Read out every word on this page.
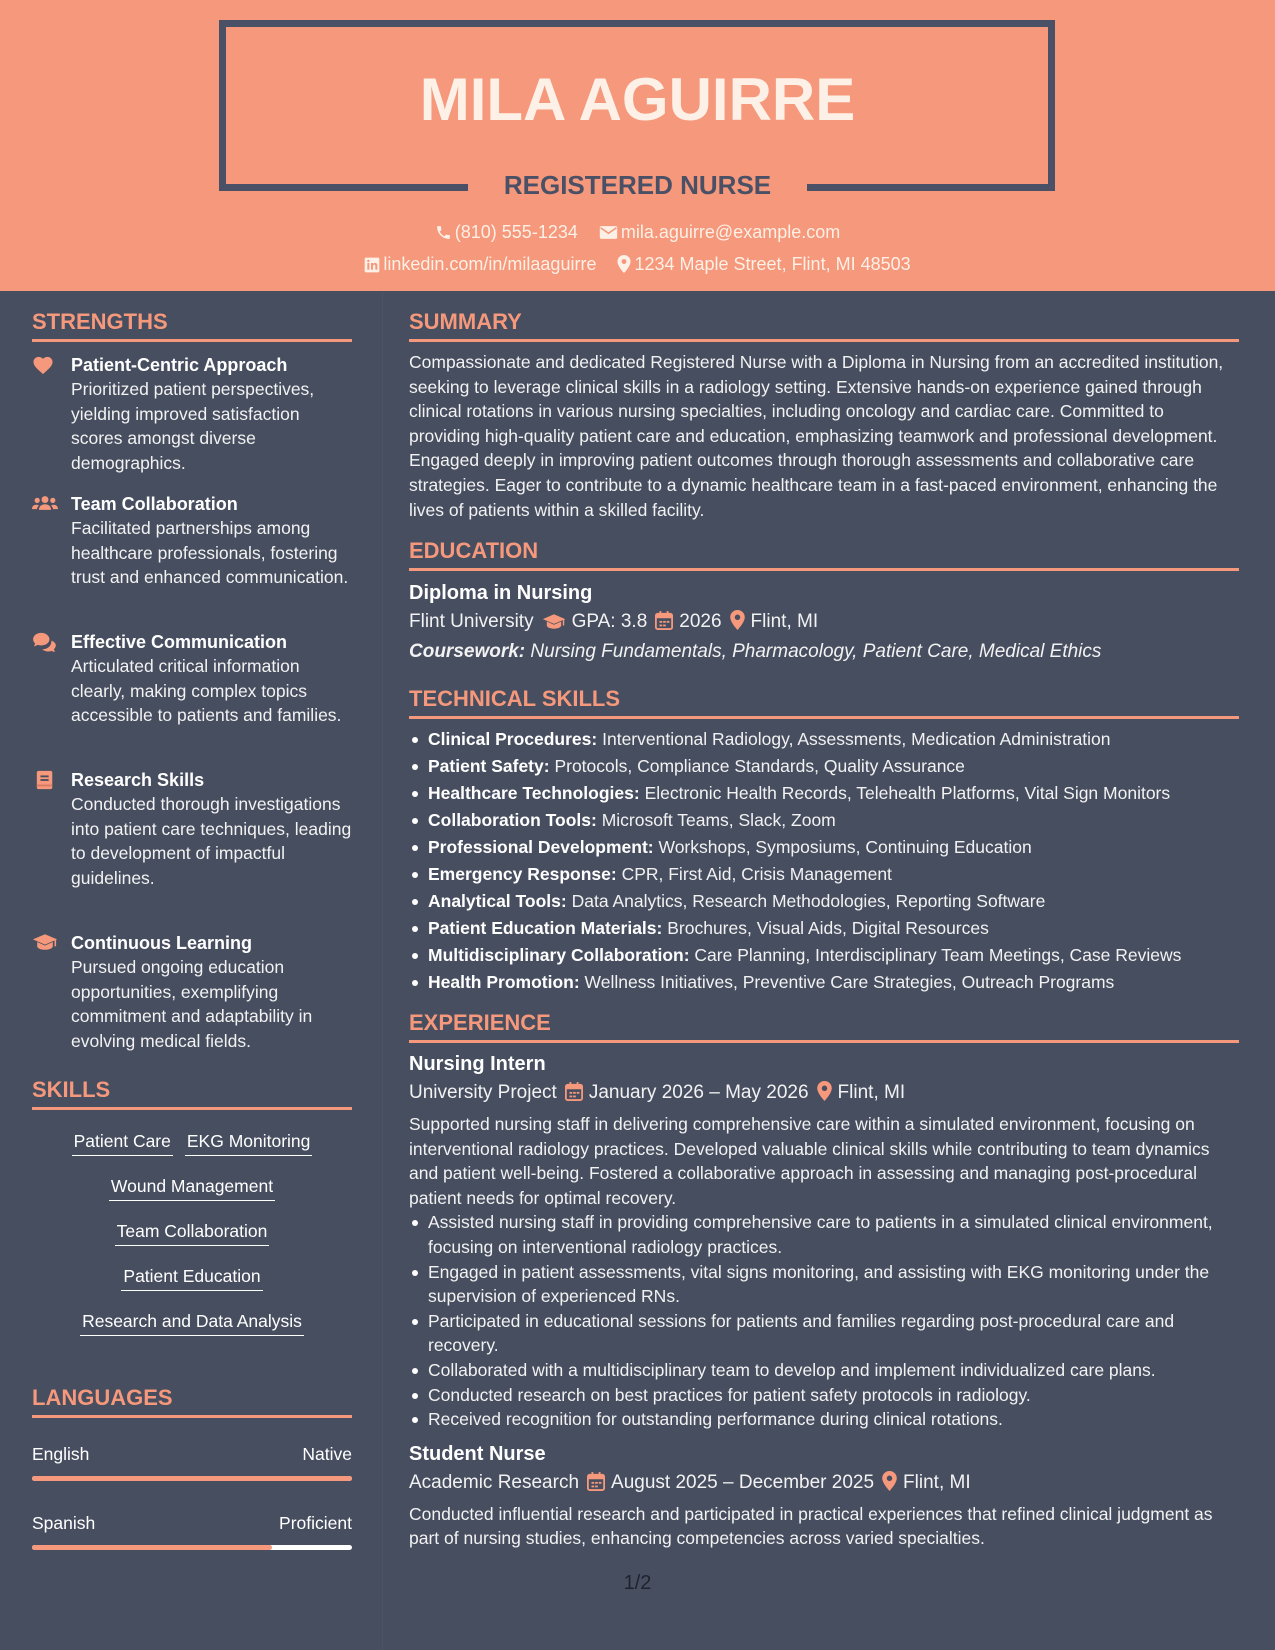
MILA AGUIRRE
REGISTERED NURSE
(810) 555-1234 mila.aguirre@example.com
linkedin.com/in/milaaguirre 1234 Maple Street, Flint, MI 48503
STRENGTHS
Patient-Centric Approach
Prioritized patient perspectives, yielding improved satisfaction scores amongst diverse demographics.
Team Collaboration
Facilitated partnerships among healthcare professionals, fostering trust and enhanced communication.
Effective Communication
Articulated critical information clearly, making complex topics accessible to patients and families.
Research Skills
Conducted thorough investigations into patient care techniques, leading to development of impactful guidelines.
Continuous Learning
Pursued ongoing education opportunities, exemplifying commitment and adaptability in evolving medical fields.
SKILLS
Patient Care EKG Monitoring
Wound Management
Team Collaboration
Patient Education
Research and Data Analysis
LANGUAGES
English	Native
Spanish	Proficient
SUMMARY
Compassionate and dedicated Registered Nurse with a Diploma in Nursing from an accredited institution, seeking to leverage clinical skills in a radiology setting. Extensive hands-on experience gained through clinical rotations in various nursing specialties, including oncology and cardiac care. Committed to providing high-quality patient care and education, emphasizing teamwork and professional development. Engaged deeply in improving patient outcomes through thorough assessments and collaborative care strategies. Eager to contribute to a dynamic healthcare team in a fast-paced environment, enhancing the lives of patients within a skilled facility.
EDUCATION
Diploma in Nursing
Flint University GPA: 3.8 2026 Flint, MI
Coursework: Nursing Fundamentals, Pharmacology, Patient Care, Medical Ethics
TECHNICAL SKILLS
Clinical Procedures: Interventional Radiology, Assessments, Medication Administration
Patient Safety: Protocols, Compliance Standards, Quality Assurance
Healthcare Technologies: Electronic Health Records, Telehealth Platforms, Vital Sign Monitors
Collaboration Tools: Microsoft Teams, Slack, Zoom
Professional Development: Workshops, Symposiums, Continuing Education
Emergency Response: CPR, First Aid, Crisis Management
Analytical Tools: Data Analytics, Research Methodologies, Reporting Software
Patient Education Materials: Brochures, Visual Aids, Digital Resources
Multidisciplinary Collaboration: Care Planning, Interdisciplinary Team Meetings, Case Reviews
Health Promotion: Wellness Initiatives, Preventive Care Strategies, Outreach Programs
EXPERIENCE
Nursing Intern
University Project January 2026 – May 2026 Flint, MI
Supported nursing staff in delivering comprehensive care within a simulated environment, focusing on interventional radiology practices. Developed valuable clinical skills while contributing to team dynamics and patient well-being. Fostered a collaborative approach in assessing and managing post-procedural patient needs for optimal recovery.
Assisted nursing staff in providing comprehensive care to patients in a simulated clinical environment, focusing on interventional radiology practices.
Engaged in patient assessments, vital signs monitoring, and assisting with EKG monitoring under the supervision of experienced RNs.
Participated in educational sessions for patients and families regarding post-procedural care and recovery.
Collaborated with a multidisciplinary team to develop and implement individualized care plans.
Conducted research on best practices for patient safety protocols in radiology.
Received recognition for outstanding performance during clinical rotations.
Student Nurse
Academic Research August 2025 – December 2025 Flint, MI
Conducted influential research and participated in practical experiences that refined clinical judgment as part of nursing studies, enhancing competencies across varied specialties.
1/2
